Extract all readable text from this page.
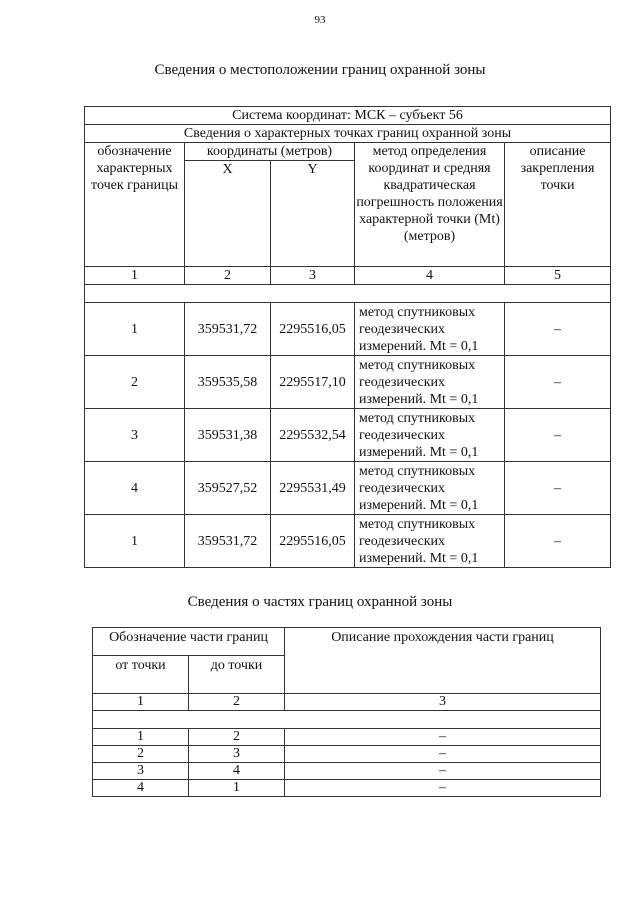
93
Сведения о местоположении границ охранной зоны
Система координат: МСК – субъект 56				
Сведения о характерных точках границ охранной зоны				
обозначение характерных точек границы	координаты (метров)		метод определения координат и средняя квадратическая погрешность положения характерной точки (Mt) (метров)	описание закрепления точки
	X	Y		
1	2	3	4	5

1	359531,72	2295516,05	метод спутниковых геодезических измерений. Mt = 0,1	–
2	359535,58	2295517,10	метод спутниковых геодезических измерений. Mt = 0,1	–
3	359531,38	2295532,54	метод спутниковых геодезических измерений. Mt = 0,1	–
4	359527,52	2295531,49	метод спутниковых геодезических измерений. Mt = 0,1	–
1	359531,72	2295516,05	метод спутниковых геодезических измерений. Mt = 0,1	–
Сведения о частях границ охранной зоны
Обозначение части границ		Описание прохождения части границ
от точки	до точки	
1	2	3

1	2	–
2	3	–
3	4	–
4	1	–
